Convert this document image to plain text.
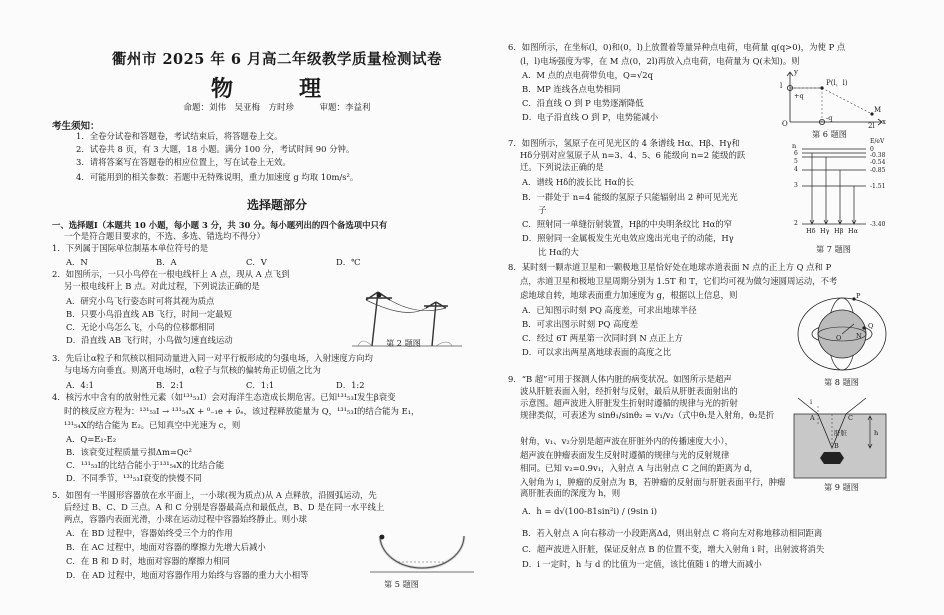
衢州市 2025 年 6 月高二年级教学质量检测试卷
物　理
命题：刘伟　吴亚梅　方时珍　　　审题：李益利
考生须知：
1．全卷分试卷和答题卷，考试结束后，将答题卷上交。
2．试卷共 8 页，有 3 大题，18 小题。满分 100 分，考试时间 90 分钟。
3．请将答案写在答题卷的相应位置上，写在试卷上无效。
4．可能用到的相关参数：若题中无特殊说明，重力加速度 g 均取 10m/s²。
选择题部分
一、选择题Ⅰ（本题共 10 小题，每小题 3 分，共 30 分。每小题列出的四个备选项中只有
一个是符合题目要求的，不选、多选、错选均不得分）
1．下列属于国际单位制基本单位符号的是
A．N	B．A	C．V	D．℃
2．如图所示，一只小鸟停在一根电线杆上 A 点，现从 A 点飞到
另一根电线杆上 B 点。对此过程，下列说法正确的是
A．研究小鸟飞行姿态时可将其视为质点
B．只要小鸟沿直线 AB 飞行，时间一定最短
C．无论小鸟怎么飞，小鸟的位移都相同
D．沿直线 AB 飞行时，小鸟做匀速直线运动	第 2 题图
3．先后让α粒子和氘核以相同动量进入同一对平行板形成的匀强电场，入射速度方向均
与电场方向垂直。则离开电场时，α粒子与氘核的偏转角正切值之比为
A．4:1	B．2:1	C．1:1	D．1:2
4．核污水中含有的放射性元素（如¹³¹₅₃I）会对海洋生态造成长期危害。已知¹³¹₅₃I发生β衰变
时的核反应方程为：¹³¹₅₃I → ¹³¹₅₄X + ⁰₋₁e + ν̄ₑ，该过程释放能量为 Q，¹³¹₅₃I的结合能为 E₁，
¹³¹₅₄X的结合能为 E₂。已知真空中光速为 c，则
A．Q=E₁-E₂
B．该衰变过程质量亏损Δm=Qc²
C．¹³¹₅₃I的比结合能小于¹³¹₅₄X的比结合能
D．不同季节，¹³¹₅₃I衰变的快慢不同
5．如图有一半圆形容器放在水平面上，一小球(视为质点)从 A 点释放，沿圆弧运动，先
后经过 B、C、D 三点。A 和 C 分别是容器最高点和最低点，B、D 是在同一水平线上
两点，容器内表面光滑，小球在运动过程中容器始终静止。则小球
A．在 BD 过程中，容器始终受三个力的作用
B．在 AC 过程中，地面对容器的摩擦力先增大后减小
C．在 B 和 D 时，地面对容器的摩擦力相同
D．在 AD 过程中，地面对容器作用力始终与容器的重力大小相等
第 5 题图
6．如图所示，在坐标(l，0)和(0，l)上放置着等量异种点电荷，电荷量 q(q>0)，为使 P 点
(l，l)电场强度为零，在 M 点(0，2l)再放入点电荷，电荷量为 Q(未知)。则
A．M 点的点电荷带负电，Q=√2q
B．MP 连线各点电势相同
C．沿直线 O 到 P 电势逐渐降低
D．电子沿直线 O 到 P，电势能减小
l	P(l，l)
M
O
+q
-q
2l x
y
第 6 题图
7．如图所示，氢原子在可见光区的 4 条谱线 Hα、Hβ、Hγ和
Hδ分别对应氢原子从 n=3、4、5、6 能级向 n=2 能级的跃
迁。下列说法正确的是
A．谱线 Hδ的波长比 Hα的长
B．一群处于 n=4 能级的氢原子只能辐射出 2 种可见光光
子
C．照射同一单缝衍射装置，Hβ的中央明条纹比 Hα的窄
D．照射同一金属板发生光电效应逸出光电子的动能，Hγ
比 Hα的大
n
6
5
4
3
2
E/eV
0
-0.38
-0.54
-0.85
-1.51
-3.40
Hδ Hγ Hβ Hα
第 7 题图
8．某时刻一颗赤道卫星和一颗极地卫星恰好处在地球赤道表面 N 点的正上方 Q 点和 P
点，赤道卫星和极地卫星周期分别为 1.5T 和 T，它们均可视为做匀速圆周运动，不考
虑地球自转，地球表面重力加速度为 g，根据以上信息，则
A．已知图示时刻 PQ 高度差，可求出地球半径
B．可求出图示时刻 PQ 高度差
C．经过 6T 两星第一次同时到 N 点正上方
D．可以求出两星离地球表面的高度之比
P
Q
N
O
第 8 题图
9．“B 超”可用于探测人体内脏的病变状况。如图所示是超声
波从肝脏表面入射，经折射与反射，最后从肝脏表面射出的
示意图。超声波进入肝脏发生折射时遵循的规律与光的折射
规律类似，可表述为 sinθ₁/sinθ₂ = v₁/v₂（式中θ₁是入射角，θ₂是折
射角，v₁、v₂分别是超声波在肝脏外内的传播速度大小），
超声波在肿瘤表面发生反射时遵循的规律与光的反射规律
相同。已知 v₂=0.9v₁，入射点 A 与出射点 C 之间的距离为 d，
入射角为 i，肿瘤的反射点为 B，若肿瘤的反射面与肝脏表面平行，肿瘤离肝脏表面的深度为 h，则
A．h = d√(100-81sin²i) / (9sin i)
B．若入射点 A 向右移动一小段距离Δd，则出射点 C 将向左对称地移动相同距离
C．超声波进入肝脏，保证反射点 B 的位置不变，增大入射角 i 时，出射波将消失
D．i 一定时，h 与 d 的比值为一定值，该比值随 i 的增大而减小
i
A	C
肝脏	h
B
第 9 题图
